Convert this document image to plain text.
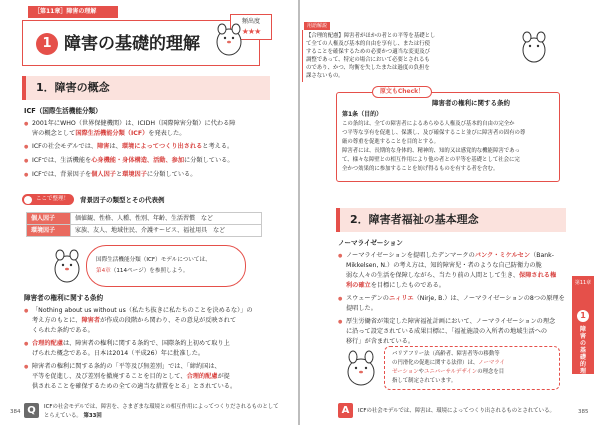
［第11章］障害の理解
1 障害の基礎的理解
頻出度
★★★
1．障害の概念
ICF（国際生活機能分類）
● 2001年にWHO（世界保健機関）は、ICIDH（国際障害分類）に代わる障
害の概念として国際生活機能分類（ICF）を発表した。
● ICFの社会モデルでは、障害は、環境によってつくり出されると考える。
● ICFでは、生活機能を心身機能・身体構造、活動、参加に分類している。
● ICFでは、背景因子を個人因子と環境因子に分類している。
ここで整理！	背景因子の類型とその代表例
個人因子	価値観、性格、人種、性別、年齢、生活習慣　など
環境因子	家族、友人、地域住民、介護サービス、福祉用具　など
国際生活機能分類（ICF）モデルについては、
第4章（114ページ）を参照しよう。
障害者の権利に関する条約
● 「Nothing about us without us（私たち抜きに私たちのことを決めるな）」の
考え方のもとに、障害者が作成の段階から関わり、その意見が反映されて
くられた条約である。
● 合理的配慮は、障害者の権利に関する条約で、国際条約上初めて取り上
げられた概念である。日本は2014（平成26）年に批准した。
● 障害者の権利に関する条約の「平等及び無差別」では、「締約国は、
平等を促進し、及び差別を撤廃することを目的として、合理的配慮が提
供されることを確保するための全ての適当な措置をとる」とされている。
Q	ICFの社会モデルでは、障害を、さまざまな環境との相互作用によってつくりだされるものとして
とらえている。 第33回
384
用語解説
【合理的配慮】障害者がほかの者との平等を基礎とし
て全ての人権及び基本的自由を享有し、または行使
することを確保するための必要かつ適当な変更及び
調整であって、特定の場合において必要とされるも
のであり、かつ、均衡を失したまたは過度の負担を
課さないもの。
原文もCheck！
障害者の権利に関する条約
第1条（目的）
この条約は、全ての障害者によるあらゆる人権及び基本的自由の完全か
つ平等な享有を促進し、保護し、及び確保すること並びに障害者の固有の尊
厳の尊重を促進することを目的とする。
障害者には、長期的な身体的、精神的、知的又は感覚的な機能障害であっ
て、様々な障壁との相互作用により他の者との平等を基礎として社会に完
全かつ効果的に参加することを妨げ得るものを有する者を含む。
2．障害者福祉の基本理念
ノーマライゼーション
● ノーマライゼーションを提唱したデンマークのバンク・ミケルセン（Bank-
Mikkelsen, N.）の考え方は、知的障害児・者のような自己防衛力の脆
弱な人々の生活を保障しながら、当たり前の人間として生き、保障される権
利の確立を目標にしたものである。
● スウェーデンのニィリエ（Nirje, B.）は、ノーマライゼーションの8つの原理を
提唱した。
● 厚生労働省が策定した障害福祉計画において、ノーマライゼーションの理念
に沿って設定されている成果目標に、「福祉施設の入所者の地域生活への
移行」が含まれている。
バリアフリー法（高齢者、障害者等の移動等
の円滑化の促進に関する法律）は、ノーマライ
ゼーションやユニバーサルデザインの理念を目
指して制定されています。
第11章
1
障害の基礎的理解
A	ICFの社会モデルでは、障害は、環境によってつくり出されるものとされている。	385
